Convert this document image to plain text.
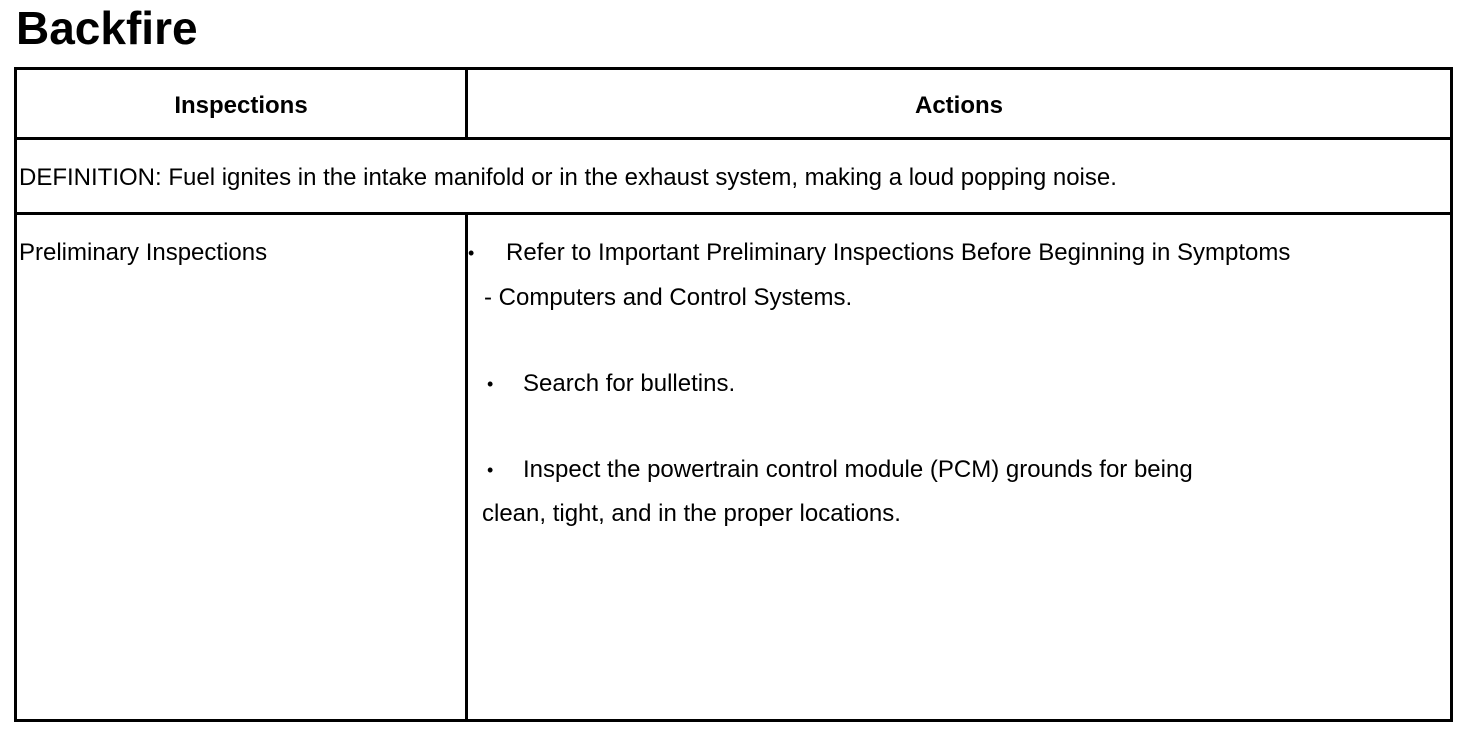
Backfire
Inspections	Actions
DEFINITION: Fuel ignites in the intake manifold or in the exhaust system, making a loud popping noise.
Preliminary Inspections	• Refer to Important Preliminary Inspections Before Beginning in Symptoms
- Computers and Control Systems.
• Search for bulletins.
• Inspect the powertrain control module (PCM) grounds for being
clean, tight, and in the proper locations.
